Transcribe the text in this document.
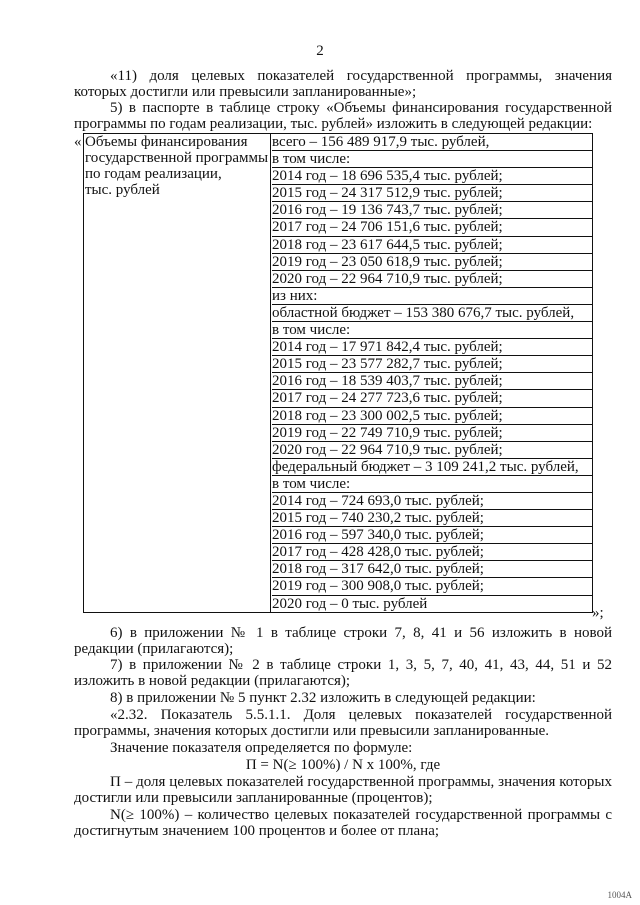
2

«11) доля целевых показателей государственной программы, значения которых достигли или превысили запланированные»;

5) в паспорте в таблице строку «Объемы финансирования государственной программы по годам реализации, тыс. рублей» изложить в следующей редакции:

« Объемы финансирования
государственной программы
по годам реализации,
тыс. рублей

всего – 156 489 917,9 тыс. рублей,
в том числе:
2014 год – 18 696 535,4 тыс. рублей;
2015 год – 24 317 512,9 тыс. рублей;
2016 год – 19 136 743,7 тыс. рублей;
2017 год – 24 706 151,6 тыс. рублей;
2018 год – 23 617 644,5 тыс. рублей;
2019 год – 23 050 618,9 тыс. рублей;
2020 год – 22 964 710,9 тыс. рублей;
из них:
областной бюджет – 153 380 676,7 тыс. рублей,
в том числе:
2014 год – 17 971 842,4 тыс. рублей;
2015 год – 23 577 282,7 тыс. рублей;
2016 год – 18 539 403,7 тыс. рублей;
2017 год – 24 277 723,6 тыс. рублей;
2018 год – 23 300 002,5 тыс. рублей;
2019 год – 22 749 710,9 тыс. рублей;
2020 год – 22 964 710,9 тыс. рублей;
федеральный бюджет – 3 109 241,2 тыс. рублей,
в том числе:
2014 год – 724 693,0 тыс. рублей;
2015 год – 740 230,2 тыс. рублей;
2016 год – 597 340,0 тыс. рублей;
2017 год – 428 428,0 тыс. рублей;
2018 год – 317 642,0 тыс. рублей;
2019 год – 300 908,0 тыс. рублей;
2020 год – 0 тыс. рублей
»;

6) в приложении № 1 в таблице строки 7, 8, 41 и 56 изложить в новой редакции (прилагаются);

7) в приложении № 2 в таблице строки 1, 3, 5, 7, 40, 41, 43, 44, 51 и 52 изложить в новой редакции (прилагаются);

8) в приложении № 5 пункт 2.32 изложить в следующей редакции:

«2.32. Показатель 5.5.1.1. Доля целевых показателей государственной программы, значения которых достигли или превысили запланированные.

Значение показателя определяется по формуле:

П = N(≥ 100%) / N x 100%, где

П – доля целевых показателей государственной программы, значения которых достигли или превысили запланированные (процентов);

N(≥ 100%) – количество целевых показателей государственной программы с достигнутым значением 100 процентов и более от плана;

1004A
